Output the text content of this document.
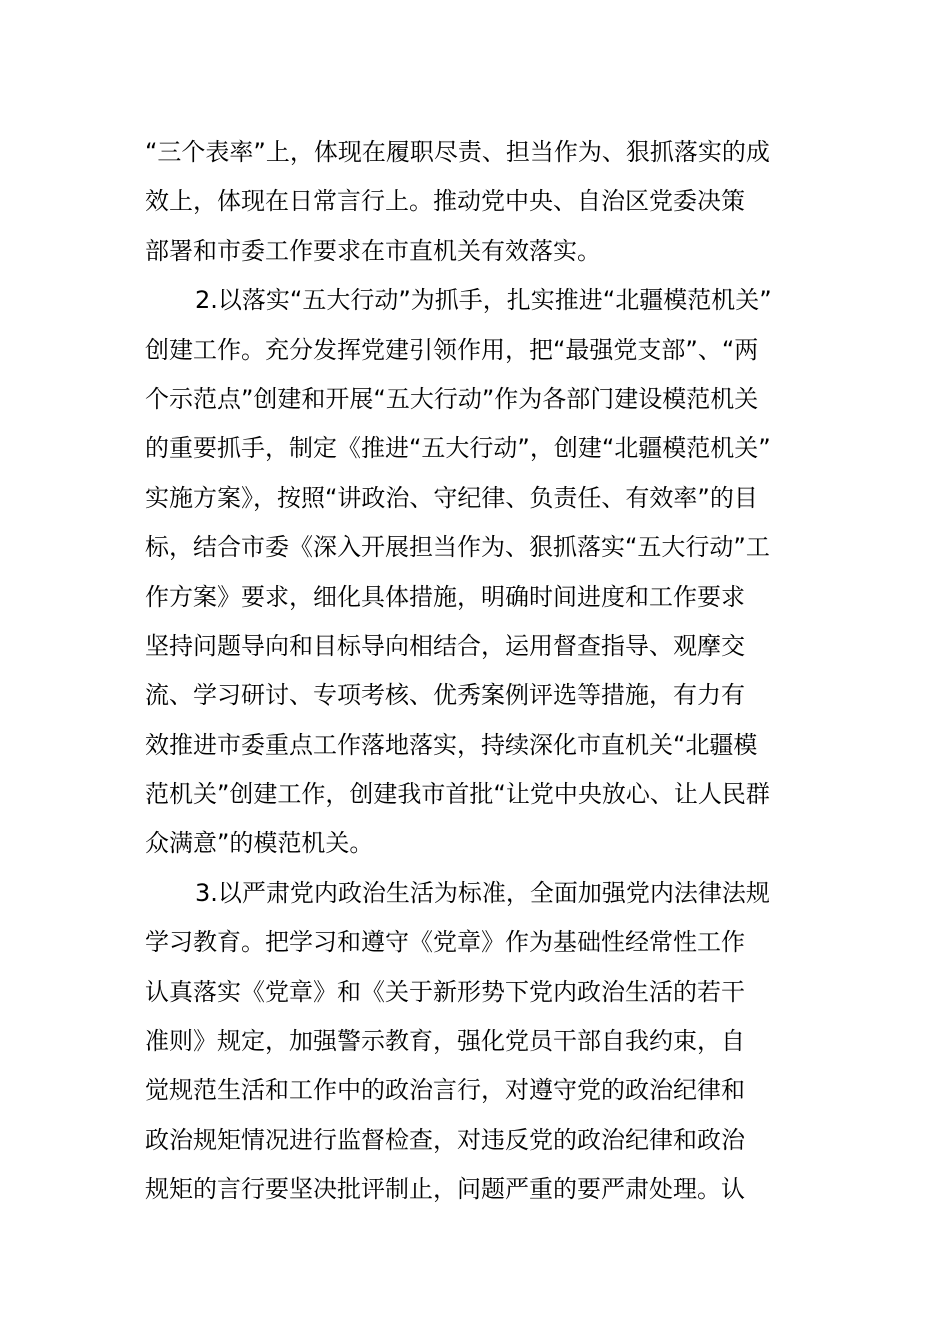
“三个表率”上，体现在履职尽责、担当作为、狠抓落实的成
效上，体现在日常言行上。推动党中央、自治区党委决策
部署和市委工作要求在市直机关有效落实。
2.以落实“五大行动”为抓手，扎实推进“北疆模范机关”
创建工作。充分发挥党建引领作用，把“最强党支部”、“两
个示范点”创建和开展“五大行动”作为各部门建设模范机关
的重要抓手，制定《推进“五大行动”，创建“北疆模范机关”
实施方案》，按照“讲政治、守纪律、负责任、有效率”的目
标，结合市委《深入开展担当作为、狠抓落实“五大行动”工
作方案》要求，细化具体措施，明确时间进度和工作要求
坚持问题导向和目标导向相结合，运用督查指导、观摩交
流、学习研讨、专项考核、优秀案例评选等措施，有力有
效推进市委重点工作落地落实，持续深化市直机关“北疆模
范机关”创建工作，创建我市首批“让党中央放心、让人民群
众满意”的模范机关。
3.以严肃党内政治生活为标准，全面加强党内法律法规
学习教育。把学习和遵守《党章》作为基础性经常性工作
认真落实《党章》和《关于新形势下党内政治生活的若干
准则》规定，加强警示教育，强化党员干部自我约束，自
觉规范生活和工作中的政治言行，对遵守党的政治纪律和
政治规矩情况进行监督检查，对违反党的政治纪律和政治
规矩的言行要坚决批评制止，问题严重的要严肃处理。认
